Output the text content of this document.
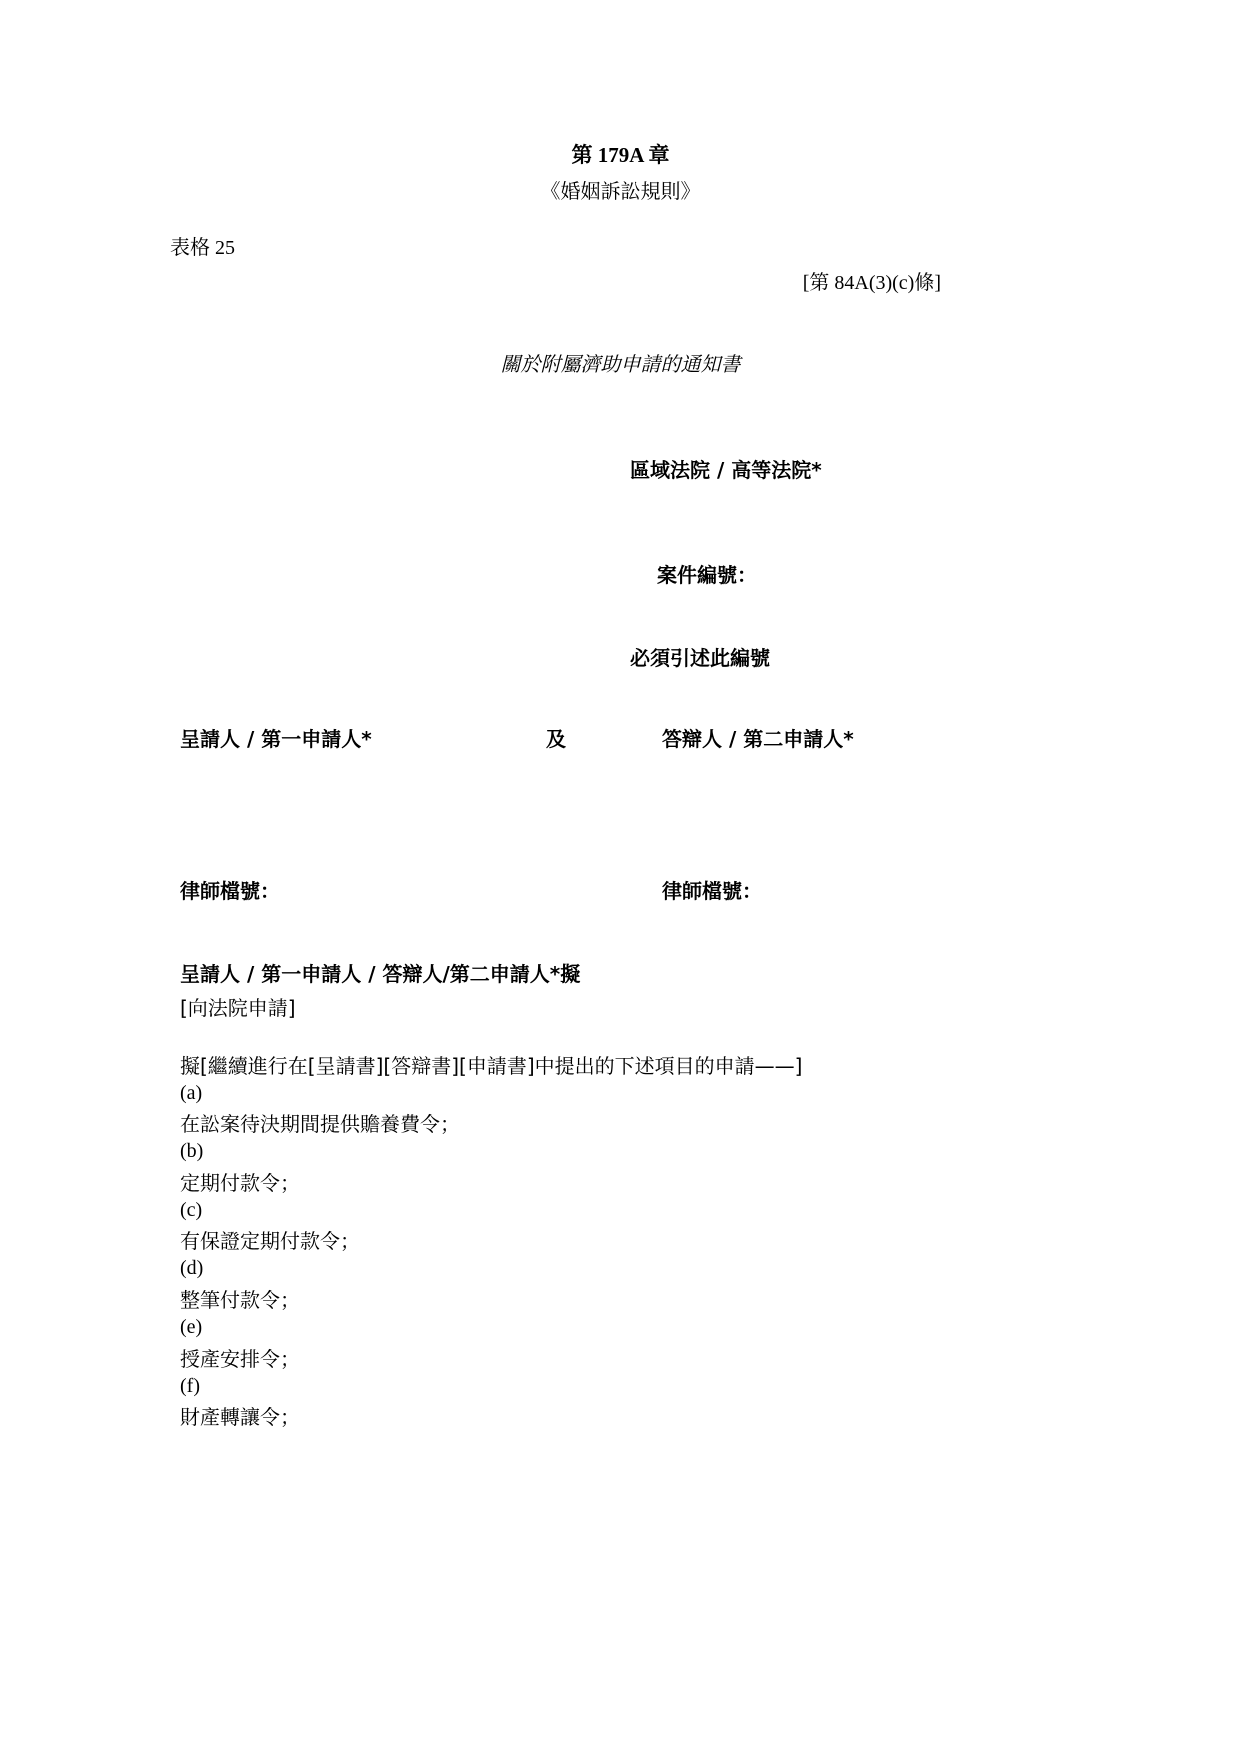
第 179A 章
《婚姻訴訟規則》
表格 25
[第 84A(3)(c)條]
關於附屬濟助申請的通知書
區域法院 / 高等法院*
案件編號：
必須引述此編號
呈請人 / 第一申請人*	及	答辯人 / 第二申請人*
律師檔號：	律師檔號：
呈請人 / 第一申請人 / 答辯人/第二申請人*擬
[向法院申請]
擬[繼續進行在[呈請書][答辯書][申請書]中提出的下述項目的申請——]
(a)
在訟案待決期間提供贍養費令；
(b)
定期付款令；
(c)
有保證定期付款令；
(d)
整筆付款令；
(e)
授產安排令；
(f)
財產轉讓令；
